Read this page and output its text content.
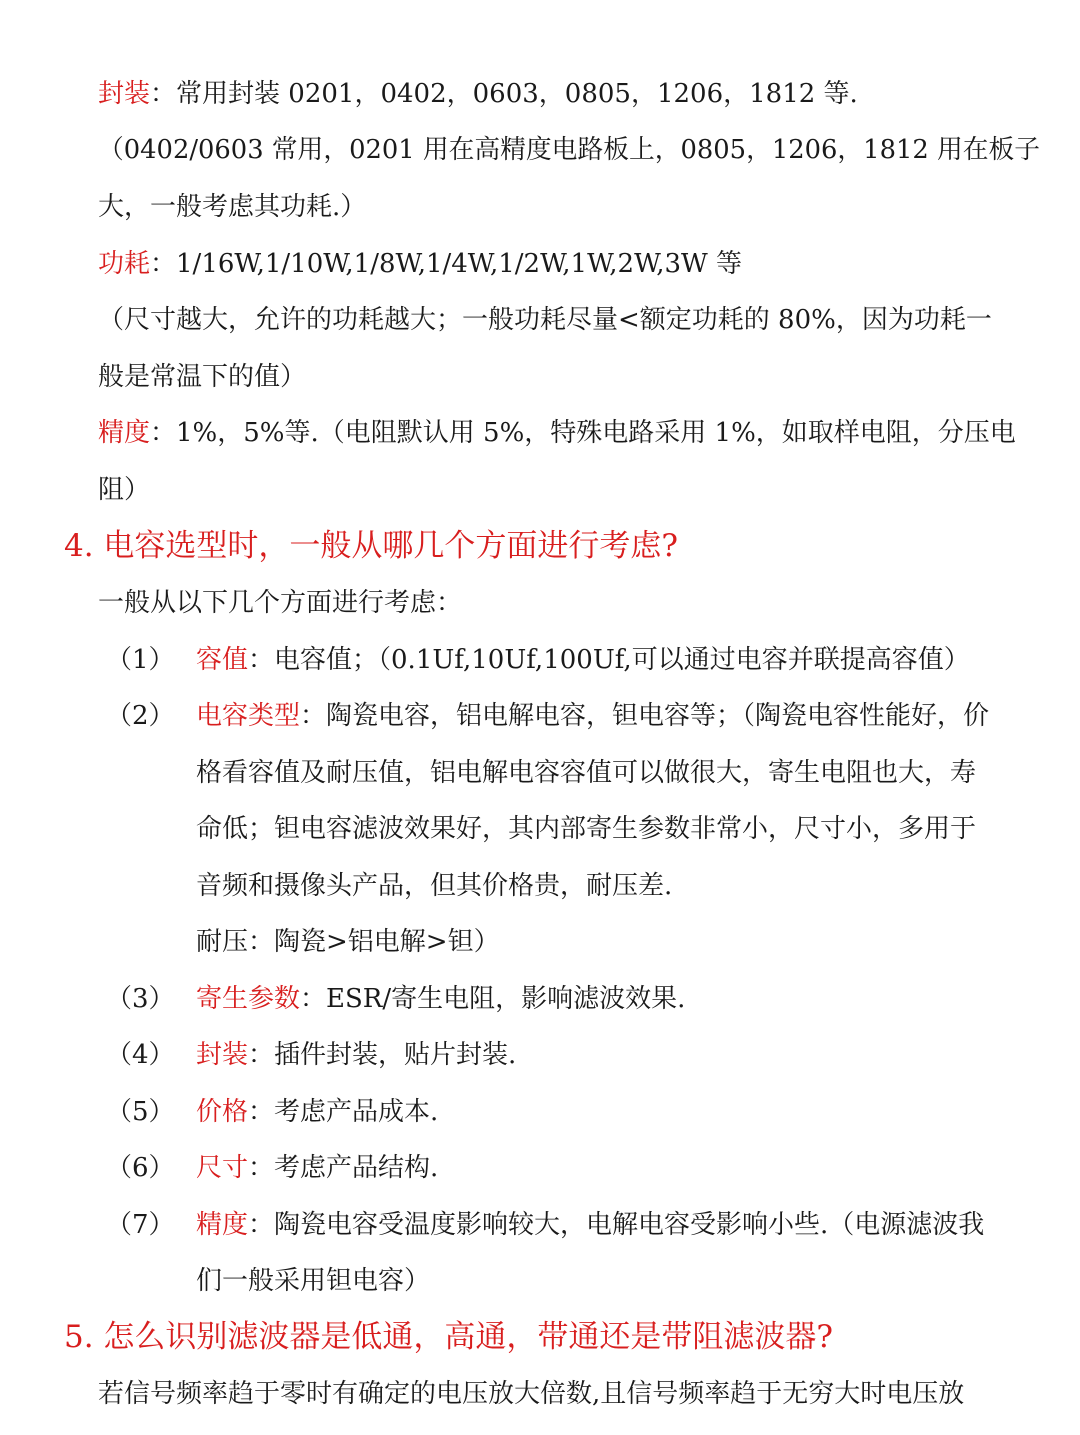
封装：常用封装 0201，0402，0603，0805，1206，1812 等.
（0402/0603 常用，0201 用在高精度电路板上，0805，1206，1812 用在板子
大，一般考虑其功耗.）
功耗：1/16W,1/10W,1/8W,1/4W,1/2W,1W,2W,3W 等
（尺寸越大，允许的功耗越大；一般功耗尽量<额定功耗的 80%，因为功耗一
般是常温下的值）
精度：1%，5%等.（电阻默认用 5%，特殊电路采用 1%，如取样电阻，分压电
阻）
4. 电容选型时，一般从哪几个方面进行考虑?
一般从以下几个方面进行考虑：
（1） 容值：电容值；（0.1Uf,10Uf,100Uf,可以通过电容并联提高容值）
（2） 电容类型：陶瓷电容，铝电解电容，钽电容等；（陶瓷电容性能好，价
格看容值及耐压值，铝电解电容容值可以做很大，寄生电阻也大，寿
命低；钽电容滤波效果好，其内部寄生参数非常小，尺寸小，多用于
音频和摄像头产品，但其价格贵，耐压差.
耐压：陶瓷>铝电解>钽）
（3） 寄生参数：ESR/寄生电阻，影响滤波效果.
（4） 封装：插件封装，贴片封装.
（5） 价格：考虑产品成本.
（6） 尺寸：考虑产品结构.
（7） 精度：陶瓷电容受温度影响较大，电解电容受影响小些.（电源滤波我
们一般采用钽电容）
5. 怎么识别滤波器是低通，高通，带通还是带阻滤波器?
若信号频率趋于零时有确定的电压放大倍数,且信号频率趋于无穷大时电压放
